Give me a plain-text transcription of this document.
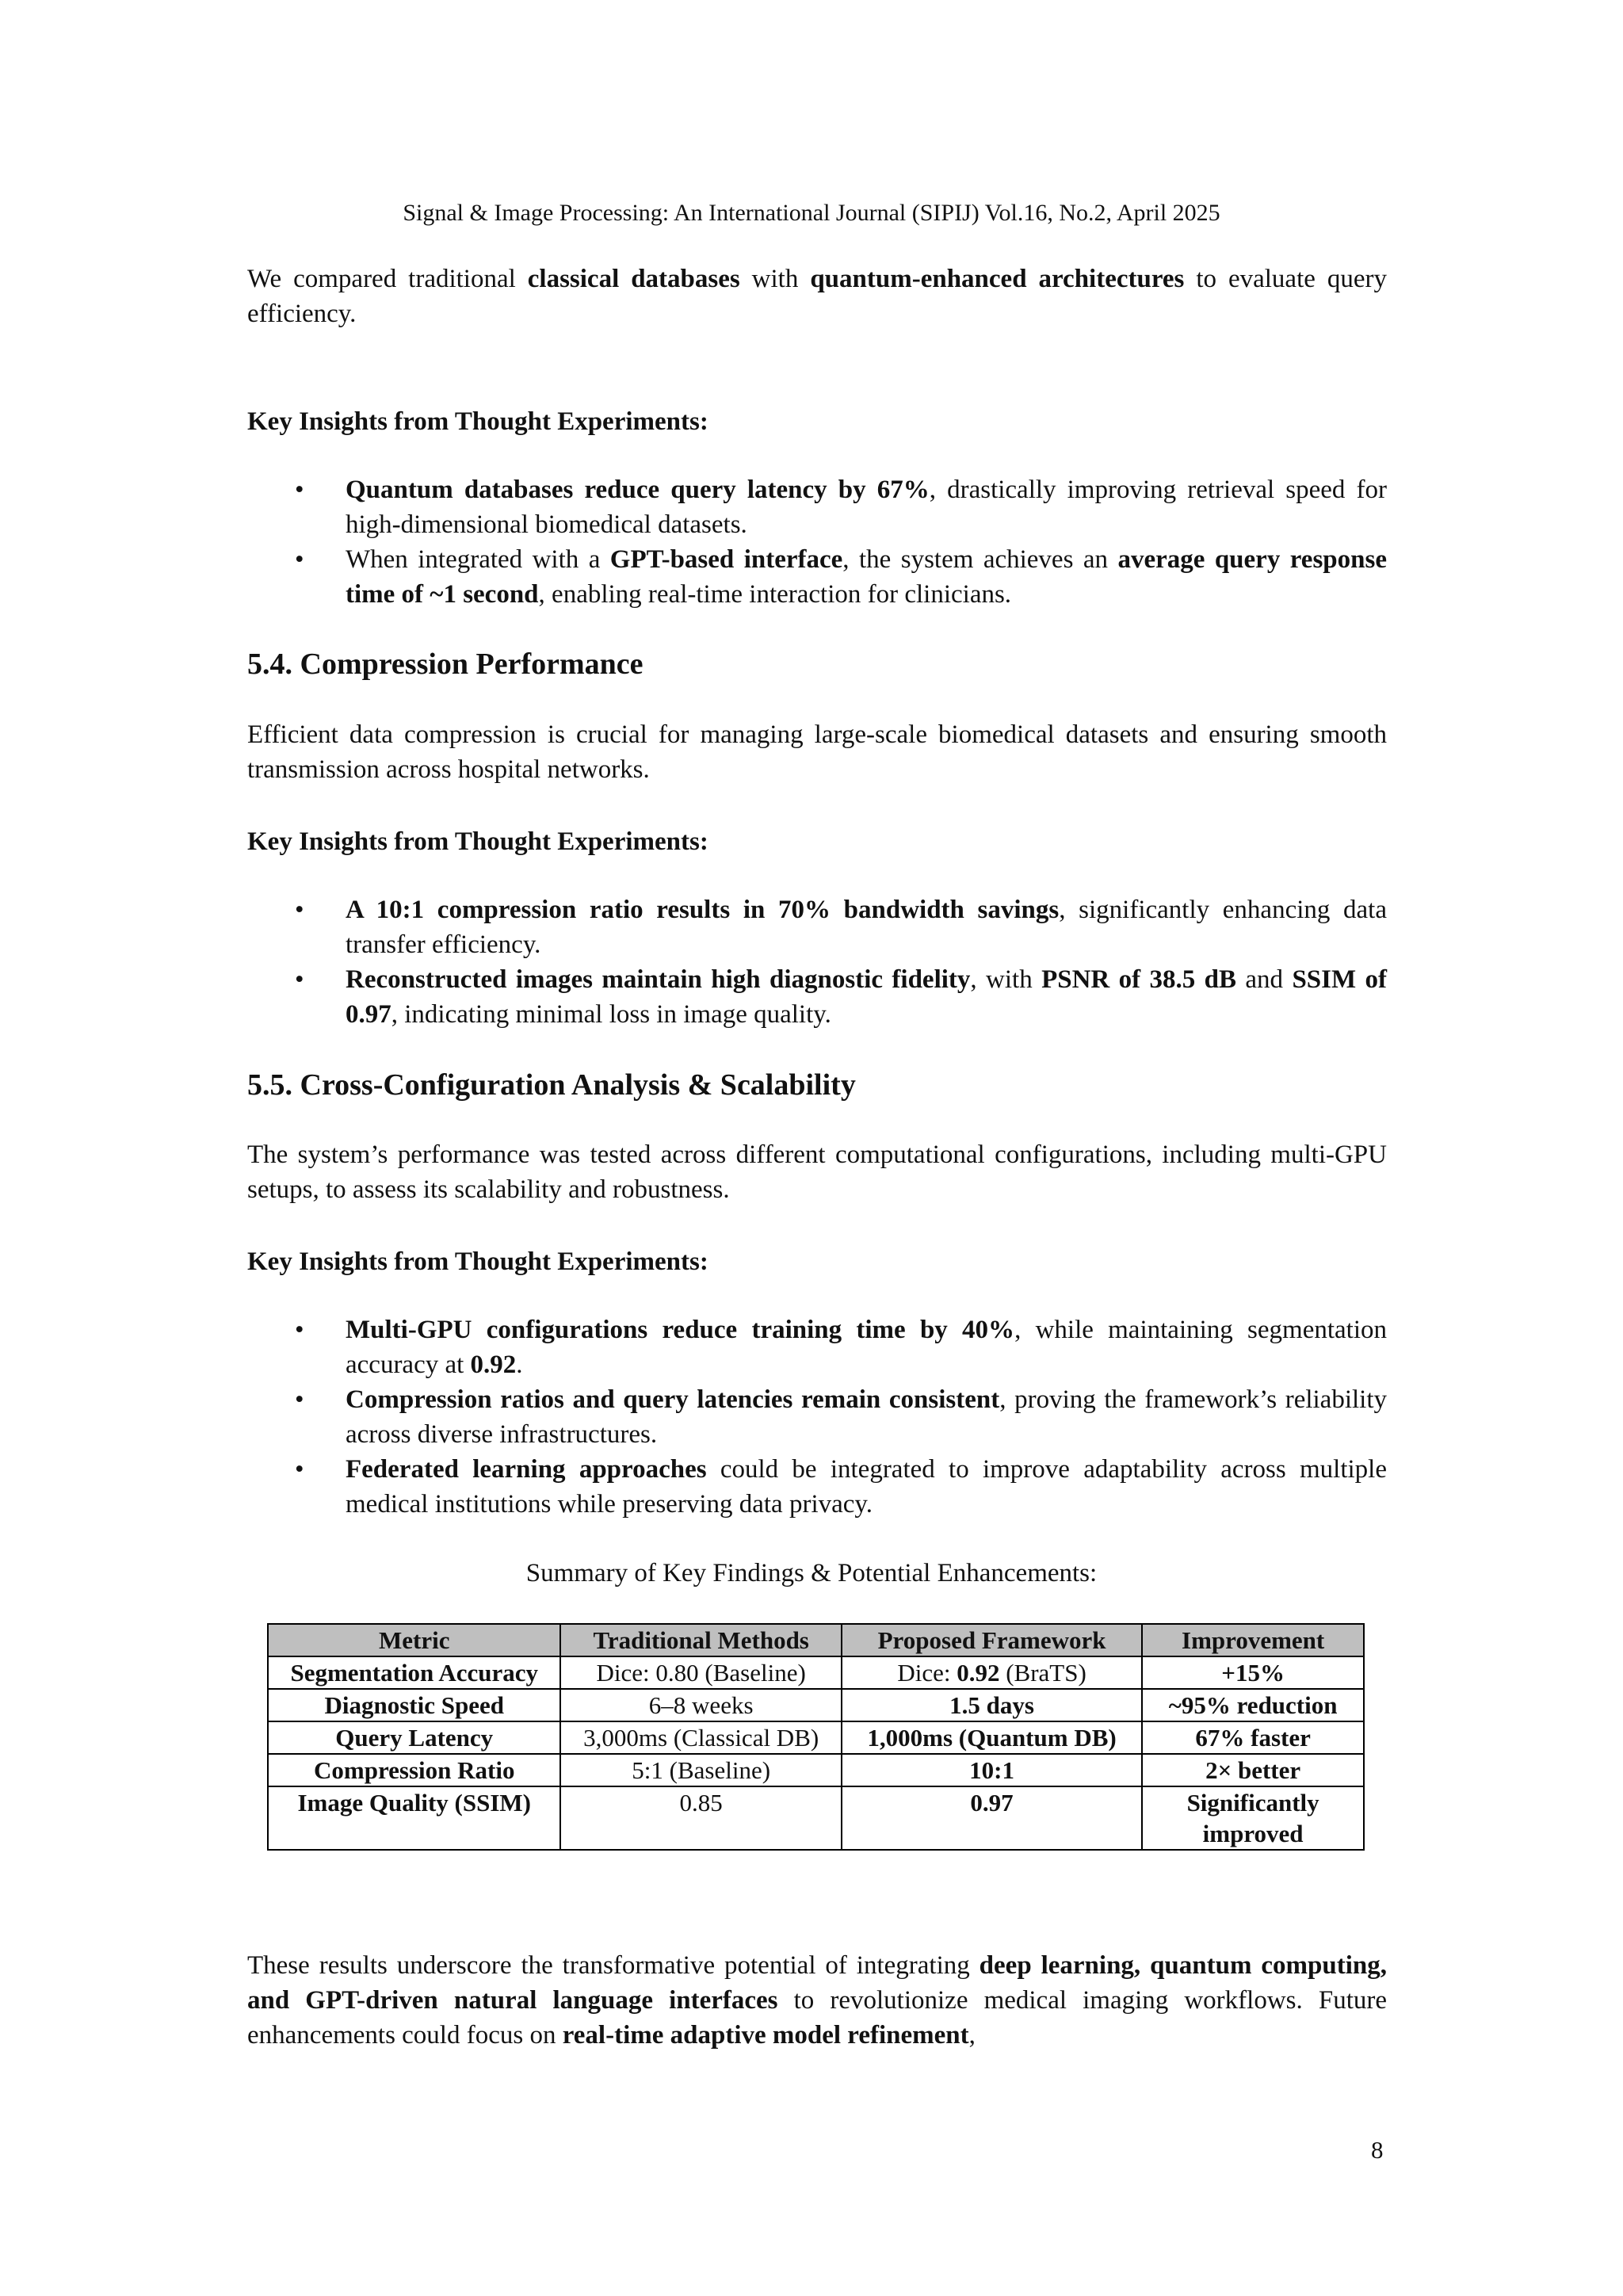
Signal & Image Processing: An International Journal (SIPIJ) Vol.16, No.2, April 2025

We compared traditional classical databases with quantum-enhanced architectures to evaluate query efficiency.

Key Insights from Thought Experiments:
• Quantum databases reduce query latency by 67%, drastically improving retrieval speed for high-dimensional biomedical datasets.
• When integrated with a GPT-based interface, the system achieves an average query response time of ~1 second, enabling real-time interaction for clinicians.
5.4. Compression Performance

Efficient data compression is crucial for managing large-scale biomedical datasets and ensuring smooth transmission across hospital networks.

Key Insights from Thought Experiments:
• A 10:1 compression ratio results in 70% bandwidth savings, significantly enhancing data transfer efficiency.
• Reconstructed images maintain high diagnostic fidelity, with PSNR of 38.5 dB and SSIM of 0.97, indicating minimal loss in image quality.
5.5. Cross-Configuration Analysis & Scalability

The system’s performance was tested across different computational configurations, including multi-GPU setups, to assess its scalability and robustness.

Key Insights from Thought Experiments:
• Multi-GPU configurations reduce training time by 40%, while maintaining segmentation accuracy at 0.92.
• Compression ratios and query latencies remain consistent, proving the framework’s reliability across diverse infrastructures.
• Federated learning approaches could be integrated to improve adaptability across multiple medical institutions while preserving data privacy.
Summary of Key Findings & Potential Enhancements:
Metric	Traditional Methods	Proposed Framework	Improvement
Segmentation Accuracy	Dice: 0.80 (Baseline)	Dice: 0.92 (BraTS)	+15%
Diagnostic Speed	6–8 weeks	1.5 days	~95% reduction
Query Latency	3,000ms (Classical DB)	1,000ms (Quantum DB)	67% faster
Compression Ratio	5:1 (Baseline)	10:1	2× better
Image Quality (SSIM)	0.85	0.97	Significantly improved

These results underscore the transformative potential of integrating deep learning, quantum computing, and GPT-driven natural language interfaces to revolutionize medical imaging workflows. Future enhancements could focus on real-time adaptive model refinement,

8
